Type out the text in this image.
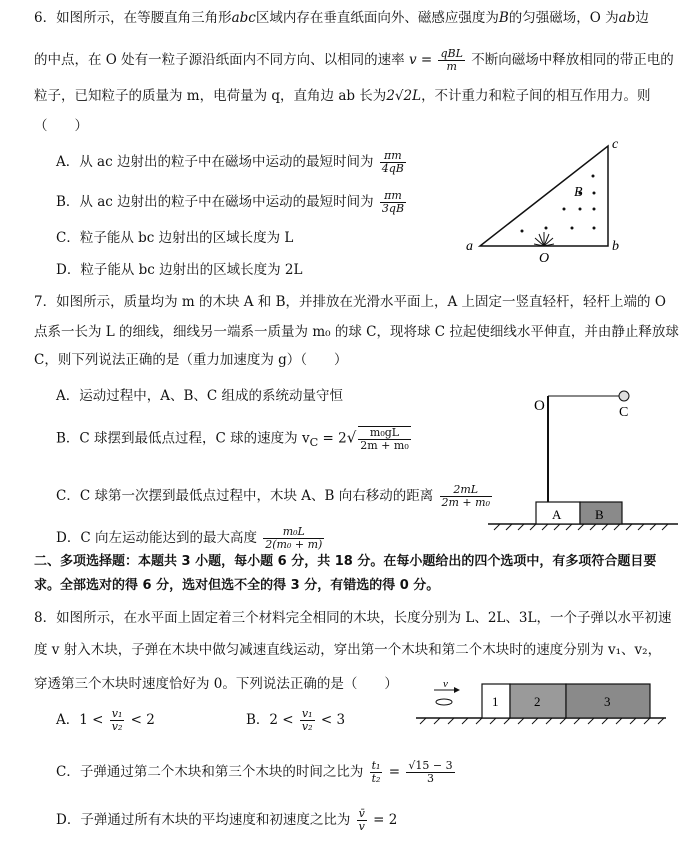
6．如图所示，在等腰直角三角形abc区域内存在垂直纸面向外、磁感应强度为B的匀强磁场，O 为ab边
的中点，在 O 处有一粒子源沿纸面内不同方向、以相同的速率 $v = \frac{\text{qBL}}{m}$ 不断向磁场中释放相同的带正电的
粒子，已知粒子的质量为 m，电荷量为 q，直角边 ab 长为2√2L，不计重力和粒子间的相互作用力。则
（　　）
A．从 ac 边射出的粒子中在磁场中运动的最短时间为 $\frac{\pi m}{4qB}$
B．从 ac 边射出的粒子中在磁场中运动的最短时间为 $\frac{\pi m}{3qB}$
C．粒子能从 bc 边射出的区域长度为 L
D．粒子能从 bc 边射出的区域长度为 2L
a	b
c
O
B
7．如图所示，质量均为 m 的木块 A 和 B，并排放在光滑水平面上，A 上固定一竖直轻杆，轻杆上端的 O
点系一长为 L 的细线，细线另一端系一质量为 m₀ 的球 C，现将球 C 拉起使细线水平伸直，并由静止释放球
C，则下列说法正确的是（重力加速度为 g）（　　）
A．运动过程中，A、B、C 组成的系统动量守恒
B．C 球摆到最低点过程，C 球的速度为 $v_C = 2√ \frac{\text{m₀gL}}{\text{2m + m₀}}$
C．C 球第一次摆到最低点过程中，木块 A、B 向右移动的距离 $\frac{2mL}{\text{2m + m₀}}$
D．C 向左运动能达到的最大高度 $\frac{\text{m₀L}}{\text{2(m₀ + m)}}$
O	C
A	B
二、多项选择题：本题共 3 小题，每小题 6 分，共 18 分。在每小题给出的四个选项中，有多项符合题目要
求。全部选对的得 6 分，选对但选不全的得 3 分，有错选的得 0 分。
8．如图所示，在水平面上固定着三个材料完全相同的木块，长度分别为 L、2L、3L，一个子弹以水平初速
度 v 射入木块，子弹在木块中做匀减速直线运动，穿出第一个木块和第二个木块时的速度分别为 v₁、v₂，
穿透第三个木块时速度恰好为 0。下列说法正确的是（　　）
A．$1 < \frac{\text{v₁}}{\text{v₂}} < 2$	B．$2 < \frac{\text{v₁}}{\text{v₂}} < 3$
C．子弹通过第二个木块和第三个木块的时间之比为 $\frac{\text{t₁}}{\text{t₂}} = \frac{√15 - 3}{3}$
D．子弹通过所有木块的平均速度和初速度之比为 $\frac{v̄}{v} = 2$
v
1	2	3
